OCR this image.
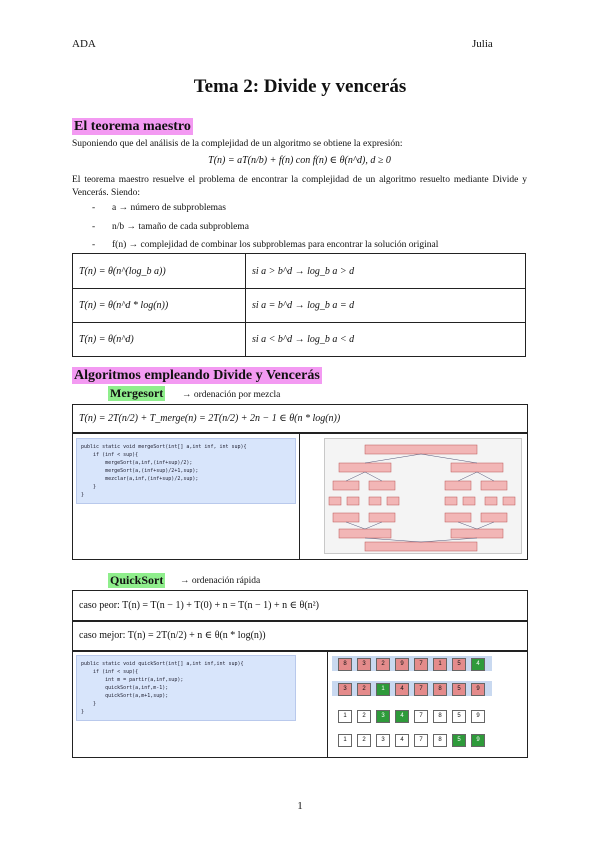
ADA	Julia
Tema 2: Divide y vencerás
El teorema maestro
Suponiendo que del análisis de la complejidad de un algoritmo se obtiene la expresión:
T(n) = aT(n/b) + f(n) con f(n) ∈ θ(n^d), d ≥ 0
El teorema maestro resuelve el problema de encontrar la complejidad de un algoritmo resuelto mediante Divide y Vencerás. Siendo:
- a → número de subproblemas
- n/b → tamaño de cada subproblema
- f(n) → complejidad de combinar los subproblemas para encontrar la solución original
T(n) = θ(n^(log_b a))	si a > b^d → log_b a > d
T(n) = θ(n^d * log(n))	si a = b^d → log_b a = d
T(n) = θ(n^d)	si a < b^d → log_b a < d
Algoritmos empleando Divide y Vencerás
Mergesort → ordenación por mezcla
T(n) = 2T(n/2) + T_merge(n) = 2T(n/2) + 2n − 1 ∈ θ(n * log(n))
public static void mergeSort(int[] a,int inf, int sup){
if (inf < sup){
mergeSort(a,inf,(inf+sup)/2);
mergeSort(a,(inf+sup)/2+1,sup);
mezclar(a,inf,(inf+sup)/2,sup);
}
}
QuickSort → ordenación rápida
caso peor: T(n) = T(n − 1) + T(0) + n = T(n − 1) + n ∈ θ(n²)
caso mejor: T(n) = 2T(n/2) + n ∈ θ(n * log(n))
public static void quickSort(int[] a,int inf,int sup){
if (inf < sup){
int m = partir(a,inf,sup);
quickSort(a,inf,m-1);
quickSort(a,m+1,sup);
}
}
8	3	2	9	7	1	5	4
3	2	1	4	7	8	5	9
1	2	3	4	7	8	5	9
1	2	3	4	7	8	5	9
1
